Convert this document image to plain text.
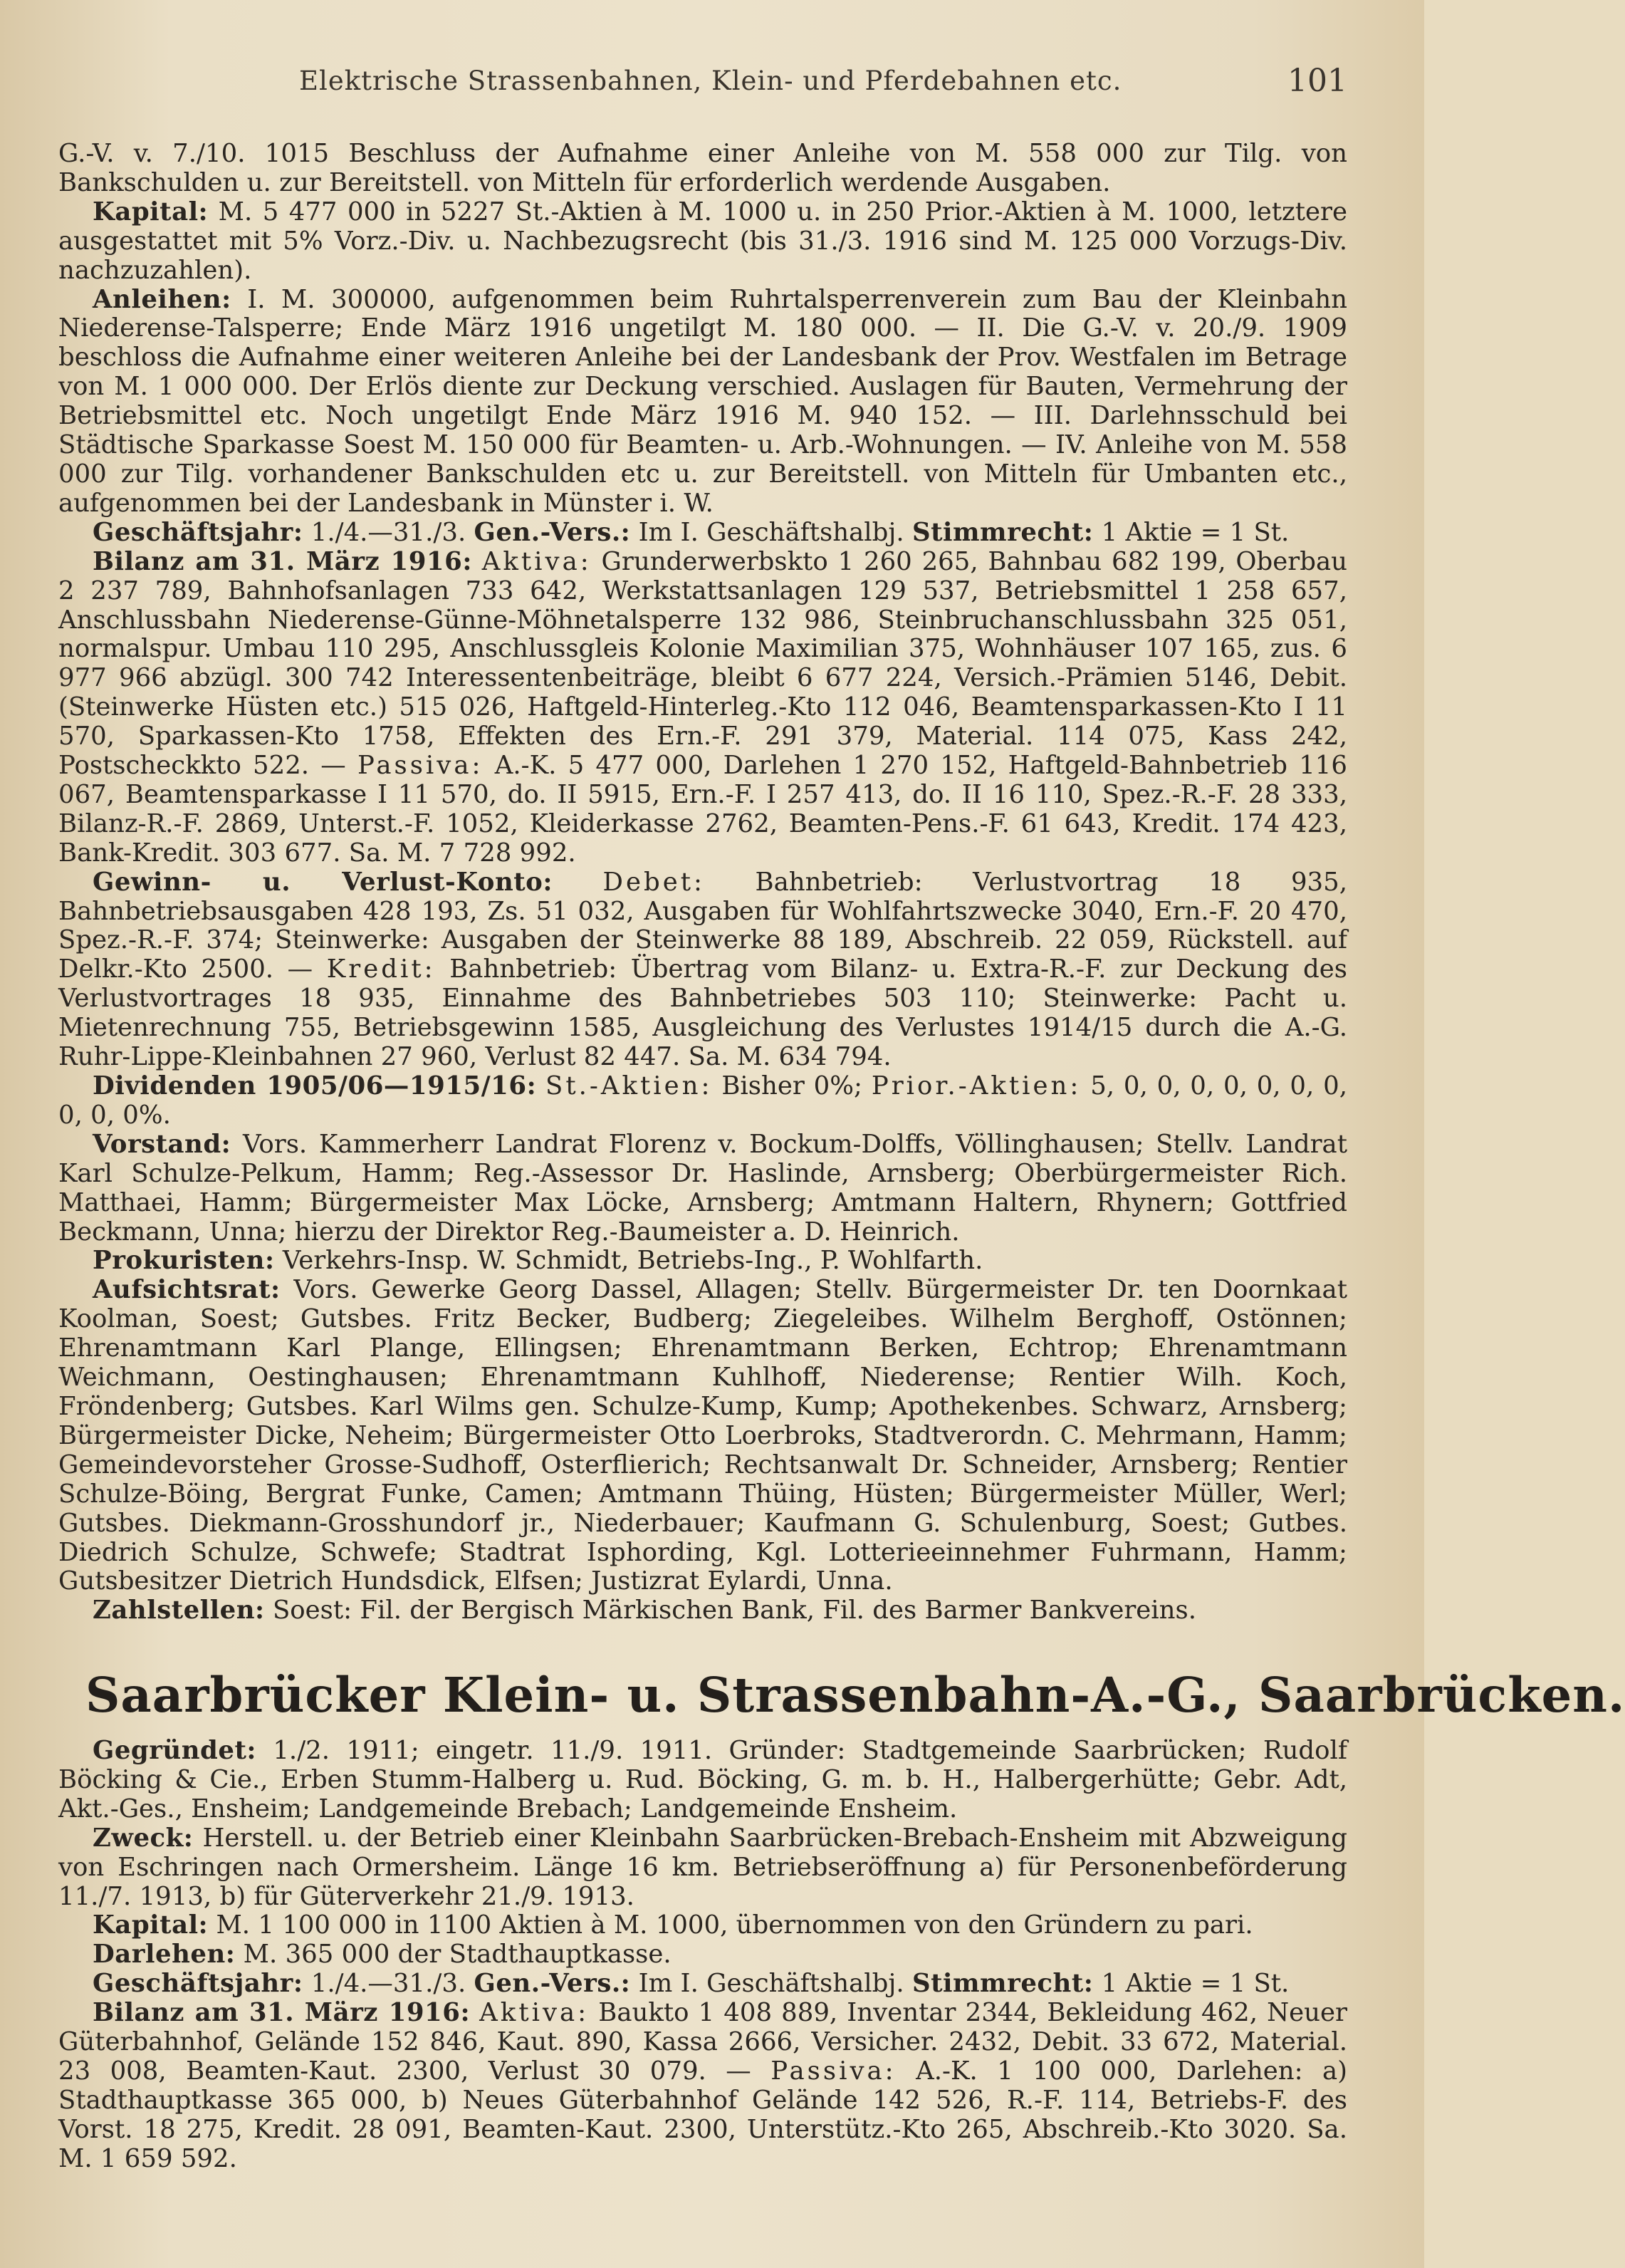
Elektrische Strassenbahnen, Klein- und Pferdebahnen etc.	101

G.-V. v. 7./10. 1015 Beschluss der Aufnahme einer Anleihe von M. 558 000 zur Tilg. von Bankschulden u. zur Bereitstell. von Mitteln für erforderlich werdende Ausgaben.

Kapital: M. 5 477 000 in 5227 St.-Aktien à M. 1000 u. in 250 Prior.-Aktien à M. 1000, letztere ausgestattet mit 5% Vorz.-Div. u. Nachbezugsrecht (bis 31./3. 1916 sind M. 125 000 Vorzugs-Div. nachzuzahlen).

Anleihen: I. M. 300000, aufgenommen beim Ruhrtalsperrenverein zum Bau der Kleinbahn Niederense-Talsperre; Ende März 1916 ungetilgt M. 180 000. — II. Die G.-V. v. 20./9. 1909 beschloss die Aufnahme einer weiteren Anleihe bei der Landesbank der Prov. Westfalen im Betrage von M. 1 000 000. Der Erlös diente zur Deckung verschied. Auslagen für Bauten, Vermehrung der Betriebsmittel etc. Noch ungetilgt Ende März 1916 M. 940 152. — III. Darlehnsschuld bei Städtische Sparkasse Soest M. 150 000 für Beamten- u. Arb.-Wohnungen. — IV. Anleihe von M. 558 000 zur Tilg. vorhandener Bankschulden etc u. zur Bereitstell. von Mitteln für Umbanten etc., aufgenommen bei der Landesbank in Münster i. W.

Geschäftsjahr: 1./4.—31./3. Gen.-Vers.: Im I. Geschäftshalbj. Stimmrecht: 1 Aktie = 1 St.

Bilanz am 31. März 1916: Aktiva: Grunderwerbskto 1 260 265, Bahnbau 682 199, Oberbau 2 237 789, Bahnhofsanlagen 733 642, Werkstattsanlagen 129 537, Betriebsmittel 1 258 657, Anschlussbahn Niederense-Günne-Möhnetalsperre 132 986, Steinbruchanschlussbahn 325 051, normalspur. Umbau 110 295, Anschlussgleis Kolonie Maximilian 375, Wohnhäuser 107 165, zus. 6 977 966 abzügl. 300 742 Interessentenbeiträge, bleibt 6 677 224, Versich.-Prämien 5146, Debit. (Steinwerke Hüsten etc.) 515 026, Haftgeld-Hinterleg.-Kto 112 046, Beamtensparkassen-Kto I 11 570, Sparkassen-Kto 1758, Effekten des Ern.-F. 291 379, Material. 114 075, Kass 242, Postscheckkto 522. — Passiva: A.-K. 5 477 000, Darlehen 1 270 152, Haftgeld-Bahnbetrieb 116 067, Beamtensparkasse I 11 570, do. II 5915, Ern.-F. I 257 413, do. II 16 110, Spez.-R.-F. 28 333, Bilanz-R.-F. 2869, Unterst.-F. 1052, Kleiderkasse 2762, Beamten-Pens.-F. 61 643, Kredit. 174 423, Bank-Kredit. 303 677. Sa. M. 7 728 992.

Gewinn- u. Verlust-Konto: Debet: Bahnbetrieb: Verlustvortrag 18 935, Bahnbetriebsausgaben 428 193, Zs. 51 032, Ausgaben für Wohlfahrtszwecke 3040, Ern.-F. 20 470, Spez.-R.-F. 374; Steinwerke: Ausgaben der Steinwerke 88 189, Abschreib. 22 059, Rückstell. auf Delkr.-Kto 2500. — Kredit: Bahnbetrieb: Übertrag vom Bilanz- u. Extra-R.-F. zur Deckung des Verlustvortrages 18 935, Einnahme des Bahnbetriebes 503 110; Steinwerke: Pacht u. Mietenrechnung 755, Betriebsgewinn 1585, Ausgleichung des Verlustes 1914/15 durch die A.-G. Ruhr-Lippe-Kleinbahnen 27 960, Verlust 82 447. Sa. M. 634 794.

Dividenden 1905/06—1915/16: St.-Aktien: Bisher 0%; Prior.-Aktien: 5, 0, 0, 0, 0, 0, 0, 0, 0, 0, 0%.

Vorstand: Vors. Kammerherr Landrat Florenz v. Bockum-Dolffs, Völlinghausen; Stellv. Landrat Karl Schulze-Pelkum, Hamm; Reg.-Assessor Dr. Haslinde, Arnsberg; Oberbürgermeister Rich. Matthaei, Hamm; Bürgermeister Max Löcke, Arnsberg; Amtmann Haltern, Rhynern; Gottfried Beckmann, Unna; hierzu der Direktor Reg.-Baumeister a. D. Heinrich.

Prokuristen: Verkehrs-Insp. W. Schmidt, Betriebs-Ing., P. Wohlfarth.

Aufsichtsrat: Vors. Gewerke Georg Dassel, Allagen; Stellv. Bürgermeister Dr. ten Doornkaat Koolman, Soest; Gutsbes. Fritz Becker, Budberg; Ziegeleibes. Wilhelm Berghoff, Ostönnen; Ehrenamtmann Karl Plange, Ellingsen; Ehrenamtmann Berken, Echtrop; Ehrenamtmann Weichmann, Oestinghausen; Ehrenamtmann Kuhlhoff, Niederense; Rentier Wilh. Koch, Fröndenberg; Gutsbes. Karl Wilms gen. Schulze-Kump, Kump; Apothekenbes. Schwarz, Arnsberg; Bürgermeister Dicke, Neheim; Bürgermeister Otto Loerbroks, Stadtverordn. C. Mehrmann, Hamm; Gemeindevorsteher Grosse-Sudhoff, Osterflierich; Rechtsanwalt Dr. Schneider, Arnsberg; Rentier Schulze-Böing, Bergrat Funke, Camen; Amtmann Thüing, Hüsten; Bürgermeister Müller, Werl; Gutsbes. Diekmann-Grosshundorf jr., Niederbauer; Kaufmann G. Schulenburg, Soest; Gutbes. Diedrich Schulze, Schwefe; Stadtrat Isphording, Kgl. Lotterieeinnehmer Fuhrmann, Hamm; Gutsbesitzer Dietrich Hundsdick, Elfsen; Justizrat Eylardi, Unna.

Zahlstellen: Soest: Fil. der Bergisch Märkischen Bank, Fil. des Barmer Bankvereins.

Saarbrücker Klein- u. Strassenbahn-A.-G., Saarbrücken.

Gegründet: 1./2. 1911; eingetr. 11./9. 1911. Gründer: Stadtgemeinde Saarbrücken; Rudolf Böcking & Cie., Erben Stumm-Halberg u. Rud. Böcking, G. m. b. H., Halbergerhütte; Gebr. Adt, Akt.-Ges., Ensheim; Landgemeinde Brebach; Landgemeinde Ensheim.

Zweck: Herstell. u. der Betrieb einer Kleinbahn Saarbrücken-Brebach-Ensheim mit Abzweigung von Eschringen nach Ormersheim. Länge 16 km. Betriebseröffnung a) für Personenbeförderung 11./7. 1913, b) für Güterverkehr 21./9. 1913.

Kapital: M. 1 100 000 in 1100 Aktien à M. 1000, übernommen von den Gründern zu pari.

Darlehen: M. 365 000 der Stadthauptkasse.

Geschäftsjahr: 1./4.—31./3. Gen.-Vers.: Im I. Geschäftshalbj. Stimmrecht: 1 Aktie = 1 St.

Bilanz am 31. März 1916: Aktiva: Baukto 1 408 889, Inventar 2344, Bekleidung 462, Neuer Güterbahnhof, Gelände 152 846, Kaut. 890, Kassa 2666, Versicher. 2432, Debit. 33 672, Material. 23 008, Beamten-Kaut. 2300, Verlust 30 079. — Passiva: A.-K. 1 100 000, Darlehen: a) Stadthauptkasse 365 000, b) Neues Güterbahnhof Gelände 142 526, R.-F. 114, Betriebs-F. des Vorst. 18 275, Kredit. 28 091, Beamten-Kaut. 2300, Unterstütz.-Kto 265, Abschreib.-Kto 3020. Sa. M. 1 659 592.
